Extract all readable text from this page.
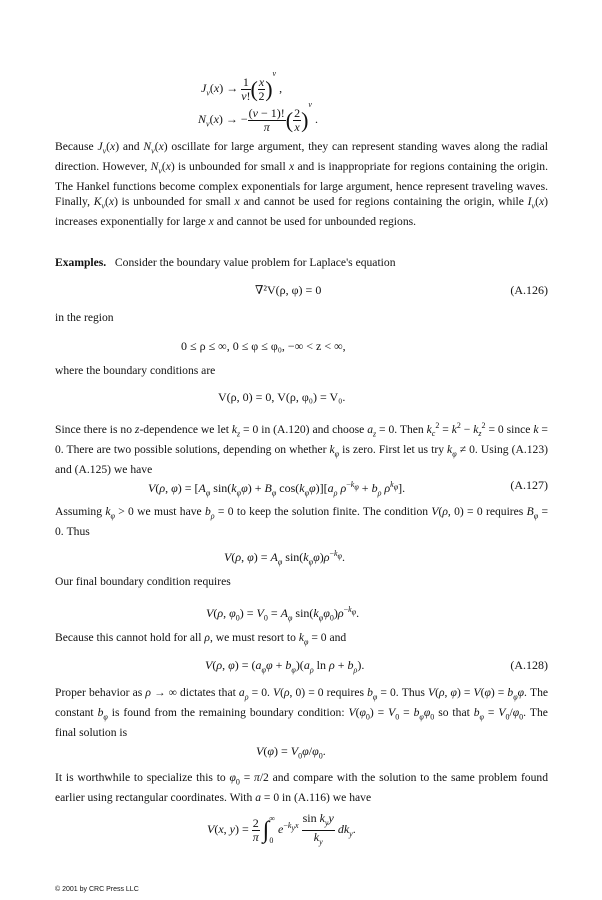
$J_\nu(x) \to \frac{1}{\nu!}$ ( $\frac{x}{2} )^\nu$ ,
$N_\nu(x)$ → − $\frac{(\nu - 1)!}{\pi}$ ( $\frac{2}{x} )^\nu$ .

Because $J_\nu(x)$ and $N_\nu(x)$ oscillate for large argument, they can represent standing waves along the radial direction. However, $N_\nu(x)$ is unbounded for small x and is inappropriate for regions containing the origin. The Hankel functions become complex exponentials for large argument, hence represent traveling waves. Finally, $K_\nu(x)$ is unbounded for small x and cannot be used for regions containing the origin, while $I_\nu(x)$ increases exponentially for large x and cannot be used for unbounded regions.

Examples. Consider the boundary value problem for Laplace's equation

∇²V(ρ, φ) = 0	(A.126)

in the region

0 ≤ ρ ≤ ∞, 0 ≤ φ ≤ φ₀, −∞ < z < ∞,

where the boundary conditions are

V(ρ, 0) = 0, V(ρ, φ₀) = V₀.

Since there is no z-dependence we let $k_z = 0$ in (A.120) and choose $a_z = 0$. Then $k_c^2 = k^2 - k_z^2 = 0$ since k = 0. There are two possible solutions, depending on whether $k_\varphi$ is zero. First let us try $k_\varphi \ne 0$. Using (A.123) and (A.125) we have

V(ρ, $\varphi) = [A_\varphi$ $\sin(k_\varphi\varphi) + B_\varphi$ $\cos(k_\varphi\varphi)][a_\rho$ $\rho^{-k_\varphi} + b_\rho$ $\rho^{k_\varphi}$].	(A.127)

Assuming $k_\varphi > 0$ we must have $b_\rho = 0$ to keep the solution finite. The condition V(ρ, 0) = 0 requires $B_\varphi = 0$. Thus

V(ρ, $\varphi) = A_\varphi$ $\sin(k_\varphi\varphi)\rho^{-k_\varphi}$.

Our final boundary condition requires

V(ρ, $\varphi_0) = V_0 = A_\varphi$ $\sin(k_\varphi\varphi_0)\rho^{-k_\varphi}$.

Because this cannot hold for all ρ, we must resort to $k_\varphi = 0$ and

V(ρ, $\varphi) = (a_\varphi\varphi + b_\varphi)(a_\rho$ $\ln \rho + b_\rho$).	(A.128)

Proper behavior as ρ → ∞ dictates that $a_\rho = 0$. V(ρ, 0) = 0 requires $b_\varphi = 0$. Thus V(ρ, $\varphi) = V(\varphi) = b_\varphi\varphi$. The constant $b_\varphi$ is found from the remaining boundary condition: $V(\varphi_0) = V_0 = b_\varphi\varphi_0$ so that $b_\varphi = V_0/\varphi_0$. The final solution is

$V(\varphi) = V_0\varphi/\varphi_0$.

It is worthwhile to specialize this to $\varphi_0 = \pi/2$ and compare with the solution to the same problem found earlier using rectangular coordinates. With a = 0 in (A.116) we have

V(x, $y) = \frac{2}{\pi} \int_0^\infty$ $e^{-k_yx} \frac{\sin k_yy}{k_y} dk_y$.
© 2001 by CRC Press LLC
